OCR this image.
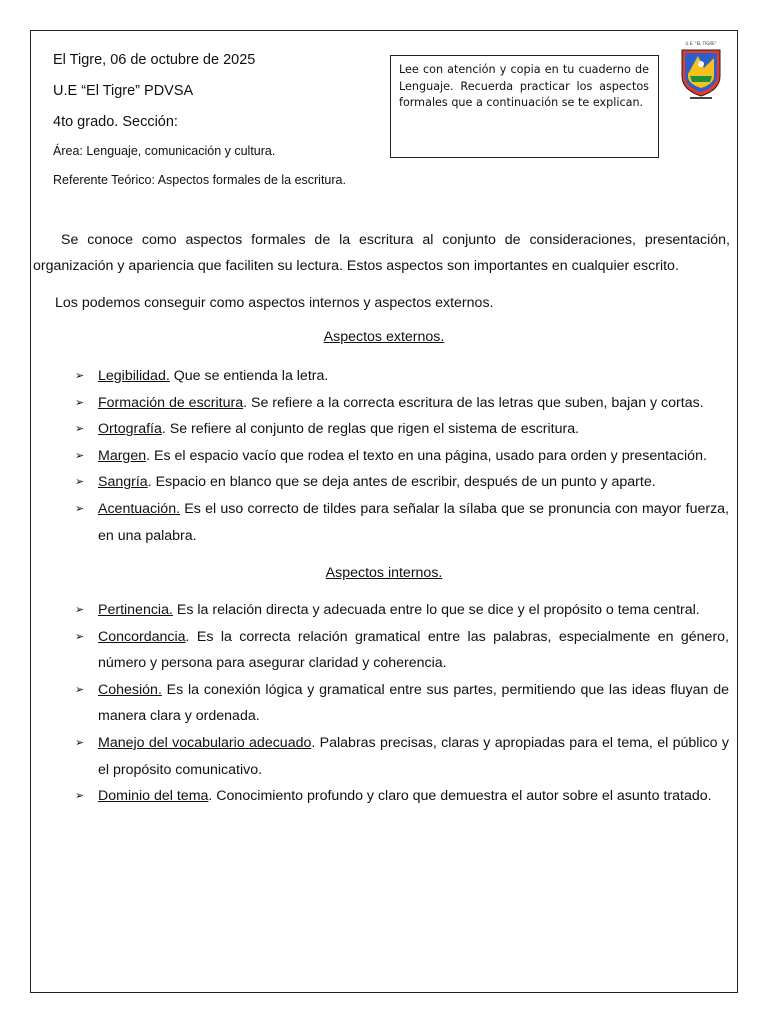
El Tigre, 06 de octubre de 2025
U.E “El Tigre” PDVSA
4to grado. Sección:
Área: Lenguaje, comunicación y cultura.
Referente Teórico: Aspectos formales de la escritura.
Lee con atención y copia en tu cuaderno de Lenguaje. Recuerda practicar los aspectos formales que a continuación se te explican.
U.E. "EL TIGRE"
Se conoce como aspectos formales de la escritura al conjunto de consideraciones, presentación, organización y apariencia que faciliten su lectura. Estos aspectos son importantes en cualquier escrito.
Los podemos conseguir como aspectos internos y aspectos externos.
Aspectos externos.
➢ Legibilidad. Que se entienda la letra.
➢ Formación de escritura. Se refiere a la correcta escritura de las letras que suben, bajan y cortas.
➢ Ortografía. Se refiere al conjunto de reglas que rigen el sistema de escritura.
➢ Margen. Es el espacio vacío que rodea el texto en una página, usado para orden y presentación.
➢ Sangría. Espacio en blanco que se deja antes de escribir, después de un punto y aparte.
➢ Acentuación. Es el uso correcto de tildes para señalar la sílaba que se pronuncia con mayor fuerza, en una palabra.
Aspectos internos.
➢ Pertinencia. Es la relación directa y adecuada entre lo que se dice y el propósito o tema central.
➢ Concordancia. Es la correcta relación gramatical entre las palabras, especialmente en género, número y persona para asegurar claridad y coherencia.
➢ Cohesión. Es la conexión lógica y gramatical entre sus partes, permitiendo que las ideas fluyan de manera clara y ordenada.
➢ Manejo del vocabulario adecuado. Palabras precisas, claras y apropiadas para el tema, el público y el propósito comunicativo.
➢ Dominio del tema. Conocimiento profundo y claro que demuestra el autor sobre el asunto tratado.
